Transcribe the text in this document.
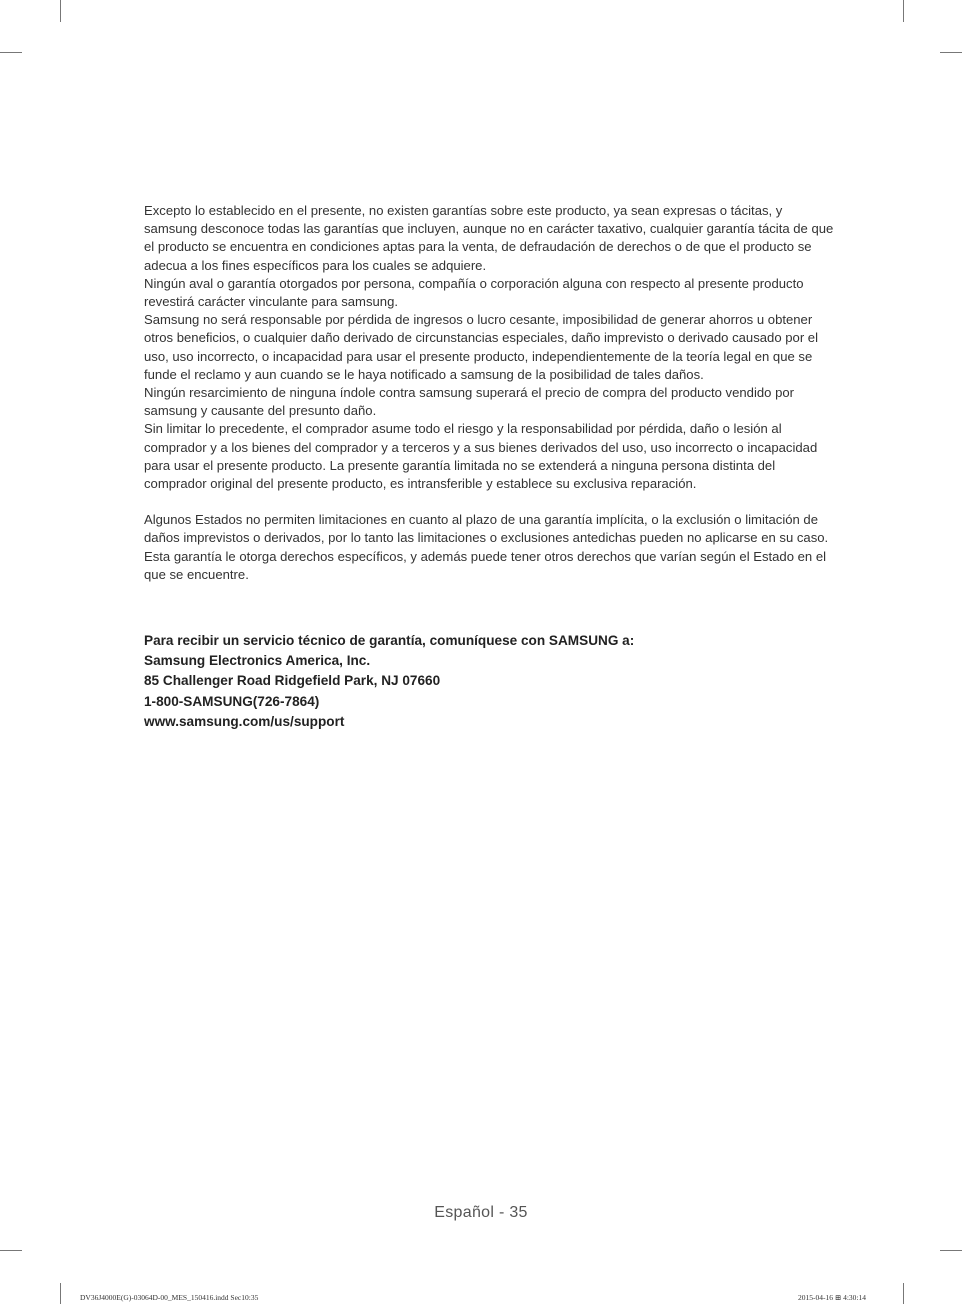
Excepto lo establecido en el presente, no existen garantías sobre este producto, ya sean expresas o tácitas, y samsung desconoce todas las garantías que incluyen, aunque no en carácter taxativo, cualquier garantía tácita de que el producto se encuentra en condiciones aptas para la venta, de defraudación de derechos o de que el producto se adecua a los fines específicos para los cuales se adquiere.

Ningún aval o garantía otorgados por persona, compañía o corporación alguna con respecto al presente producto revestirá carácter vinculante para samsung.

Samsung no será responsable por pérdida de ingresos o lucro cesante, imposibilidad de generar ahorros u obtener otros beneficios, o cualquier daño derivado de circunstancias especiales, daño imprevisto o derivado causado por el uso, uso incorrecto, o incapacidad para usar el presente producto, independientemente de la teoría legal en que se funde el reclamo y aun cuando se le haya notificado a samsung de la posibilidad de tales daños.

Ningún resarcimiento de ninguna índole contra samsung superará el precio de compra del producto vendido por samsung y causante del presunto daño.

Sin limitar lo precedente, el comprador asume todo el riesgo y la responsabilidad por pérdida, daño o lesión al comprador y a los bienes del comprador y a terceros y a sus bienes derivados del uso, uso incorrecto o incapacidad para usar el presente producto. La presente garantía limitada no se extenderá a ninguna persona distinta del comprador original del presente producto, es intransferible y establece su exclusiva reparación.

Algunos Estados no permiten limitaciones en cuanto al plazo de una garantía implícita, o la exclusión o limitación de daños imprevistos o derivados, por lo tanto las limitaciones o exclusiones antedichas pueden no aplicarse en su caso. Esta garantía le otorga derechos específicos, y además puede tener otros derechos que varían según el Estado en el que se encuentre.

Para recibir un servicio técnico de garantía, comuníquese con SAMSUNG a:
Samsung Electronics America, Inc.
85 Challenger Road Ridgefield Park, NJ 07660
1-800-SAMSUNG(726-7864)
www.samsung.com/us/support
Español - 35
DV36J4000E(G)-03064D-00_MES_150416.indd Sec10:35	2015-04-16 ⊞ 4:30:14
